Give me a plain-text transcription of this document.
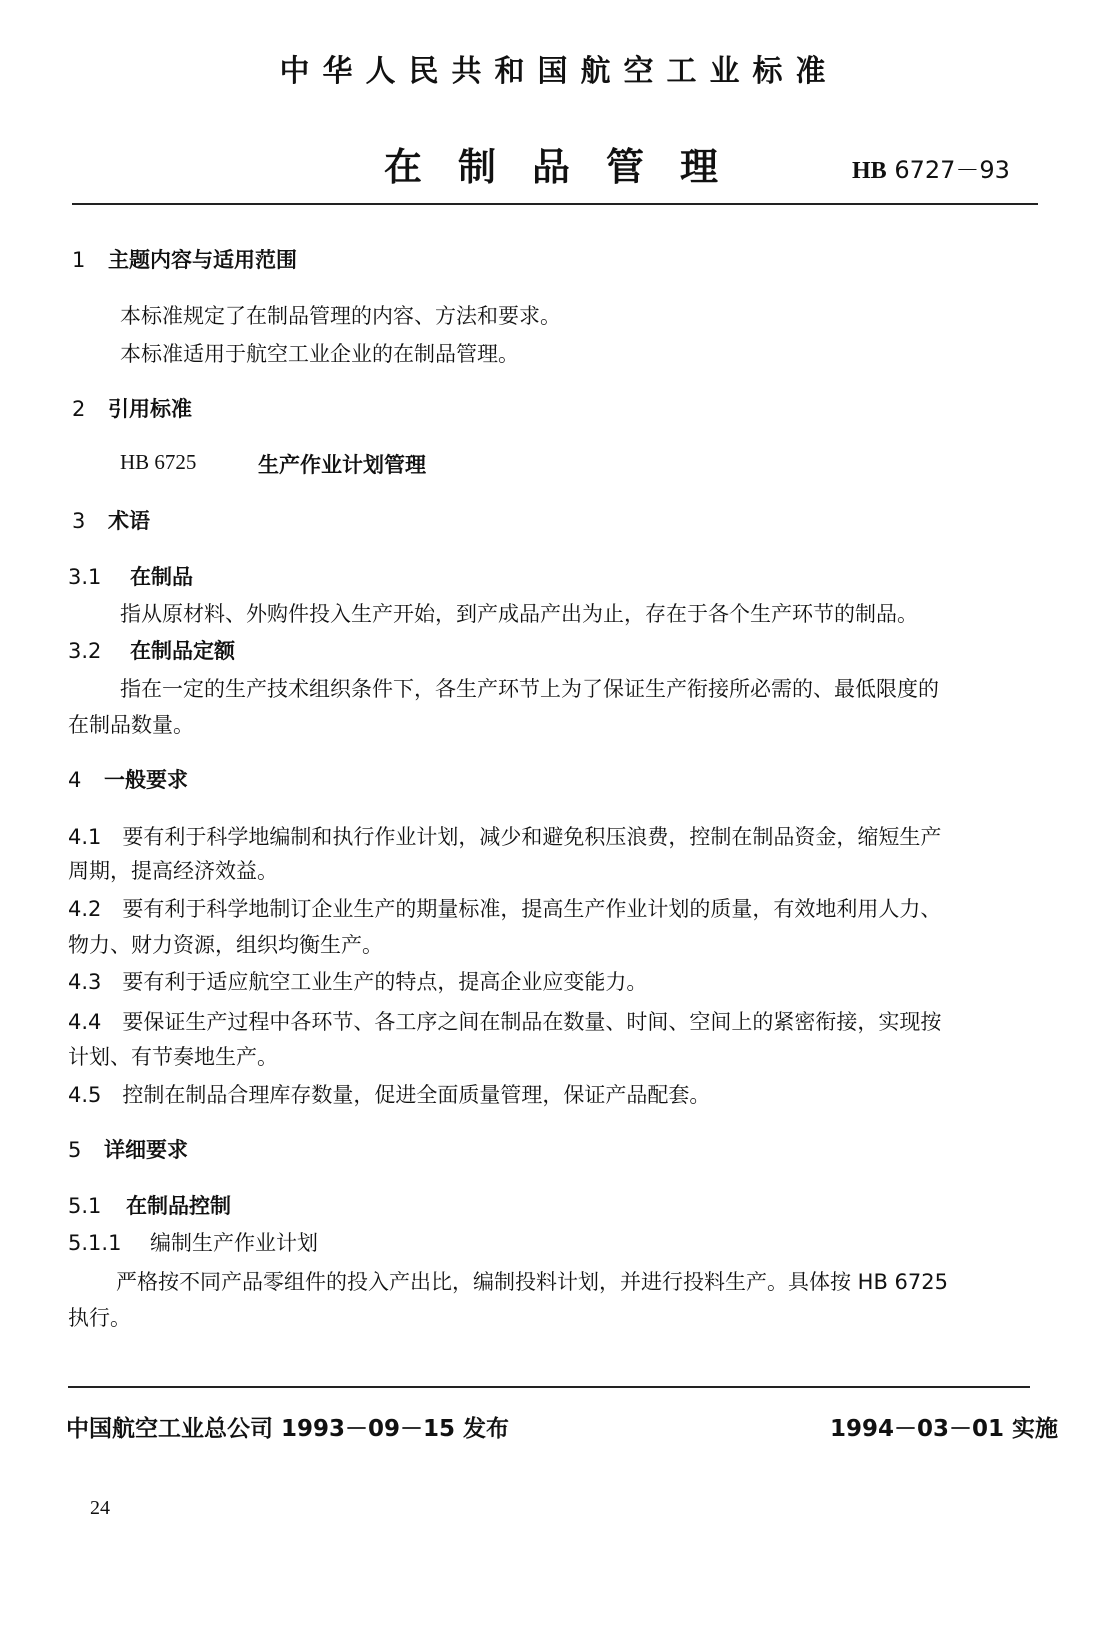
中华人民共和国航空工业标准
在制品管理	HB 6727－93
1 主题内容与适用范围
本标准规定了在制品管理的内容、方法和要求。
本标准适用于航空工业企业的在制品管理。
2 引用标准
HB 6725	生产作业计划管理
3 术语
3.1 在制品
指从原材料、外购件投入生产开始，到产成品产出为止，存在于各个生产环节的制品。
3.2 在制品定额
指在一定的生产技术组织条件下，各生产环节上为了保证生产衔接所必需的、最低限度的
在制品数量。
4 一般要求
4.1　要有利于科学地编制和执行作业计划，减少和避免积压浪费，控制在制品资金，缩短生产
周期，提高经济效益。
4.2　要有利于科学地制订企业生产的期量标准，提高生产作业计划的质量，有效地利用人力、
物力、财力资源，组织均衡生产。
4.3　要有利于适应航空工业生产的特点，提高企业应变能力。
4.4　要保证生产过程中各环节、各工序之间在制品在数量、时间、空间上的紧密衔接，实现按
计划、有节奏地生产。
4.5　控制在制品合理库存数量，促进全面质量管理，保证产品配套。
5 详细要求
5.1 在制品控制
5.1.1 编制生产作业计划
严格按不同产品零组件的投入产出比，编制投料计划，并进行投料生产。具体按 HB 6725
执行。
中国航空工业总公司 1993－09－15 发布	1994－03－01 实施
24
